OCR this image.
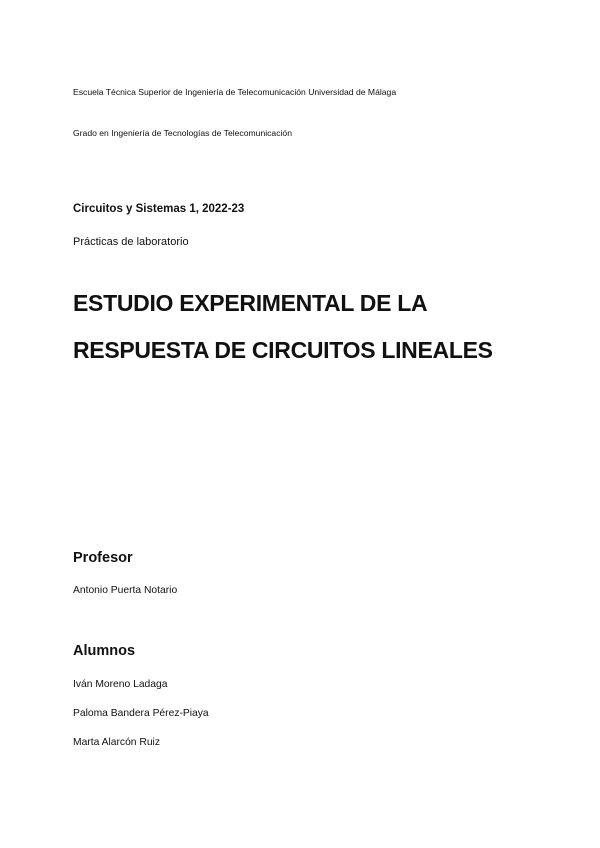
Escuela Técnica Superior de Ingeniería de Telecomunicación Universidad de Málaga
Grado en Ingeniería de Tecnologías de Telecomunicación
Circuitos y Sistemas 1, 2022-23
Prácticas de laboratorio
ESTUDIO EXPERIMENTAL DE LA
RESPUESTA DE CIRCUITOS LINEALES
Profesor
Antonio Puerta Notario
Alumnos
Iván Moreno Ladaga
Paloma Bandera Pérez-Piaya
Marta Alarcón Ruiz
